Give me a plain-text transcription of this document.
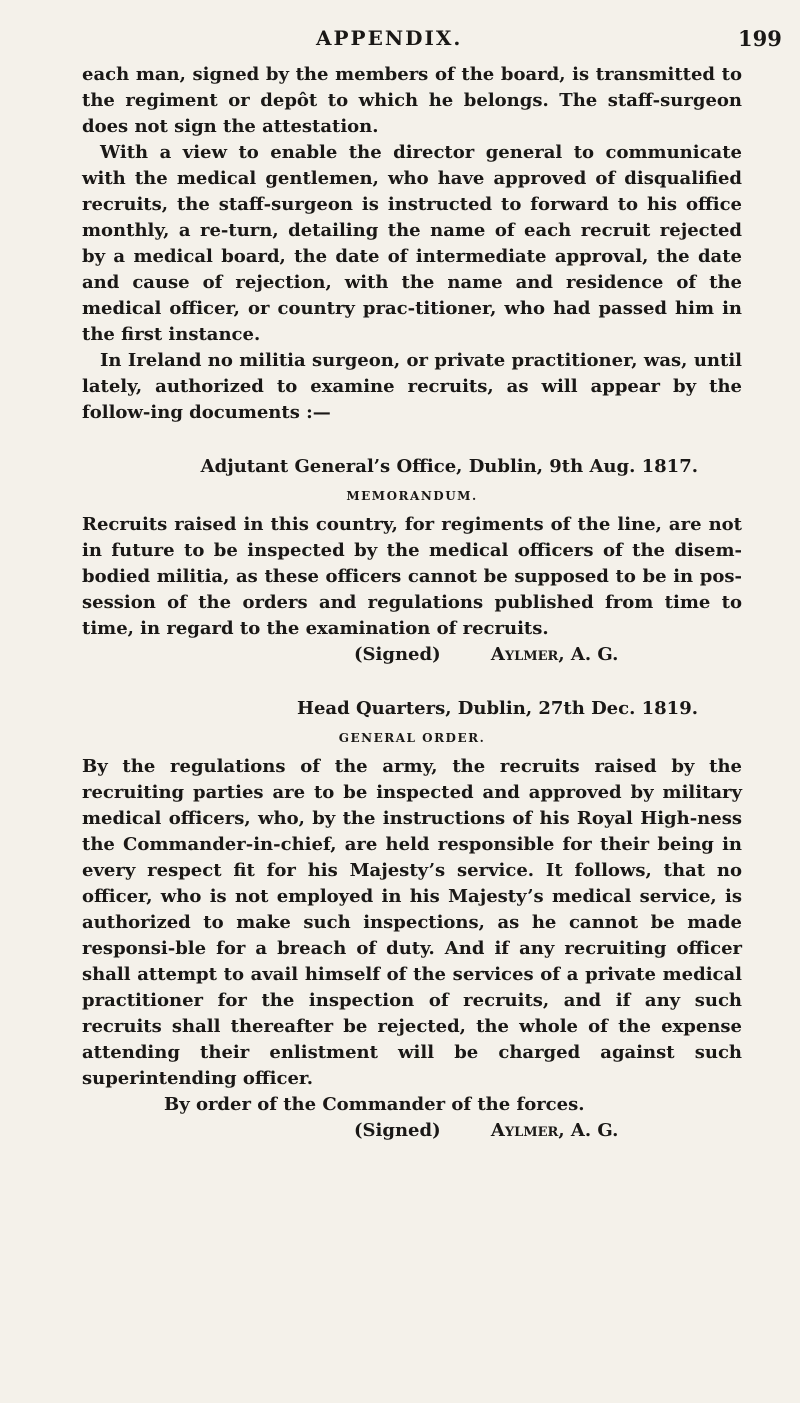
APPENDIX.	199

each man, signed by the members of the board, is transmitted to the regiment or depôt to which he belongs. The staff-surgeon does not sign the attestation.

With a view to enable the director general to communicate with the medical gentlemen, who have approved of disqualified recruits, the staff-surgeon is instructed to forward to his office monthly, a re-turn, detailing the name of each recruit rejected by a medical board, the date of intermediate approval, the date and cause of rejection, with the name and residence of the medical officer, or country prac-titioner, who had passed him in the first instance.

In Ireland no militia surgeon, or private practitioner, was, until lately, authorized to examine recruits, as will appear by the follow-ing documents :—

Adjutant General’s Office, Dublin, 9th Aug. 1817.

MEMORANDUM.

Recruits raised in this country, for regiments of the line, are not in future to be inspected by the medical officers of the disem-bodied militia, as these officers cannot be supposed to be in pos-session of the orders and regulations published from time to time, in regard to the examination of recruits.

(Signed)	Aylmer, A. G.

Head Quarters, Dublin, 27th Dec. 1819.

GENERAL ORDER.

By the regulations of the army, the recruits raised by the recruiting parties are to be inspected and approved by military medical officers, who, by the instructions of his Royal High-ness the Commander-in-chief, are held responsible for their being in every respect fit for his Majesty’s service. It follows, that no officer, who is not employed in his Majesty’s medical service, is authorized to make such inspections, as he cannot be made responsi-ble for a breach of duty. And if any recruiting officer shall attempt to avail himself of the services of a private medical practitioner for the inspection of recruits, and if any such recruits shall thereafter be rejected, the whole of the expense attending their enlistment will be charged against such superintending officer.

By order of the Commander of the forces.

(Signed)	Aylmer, A. G.
